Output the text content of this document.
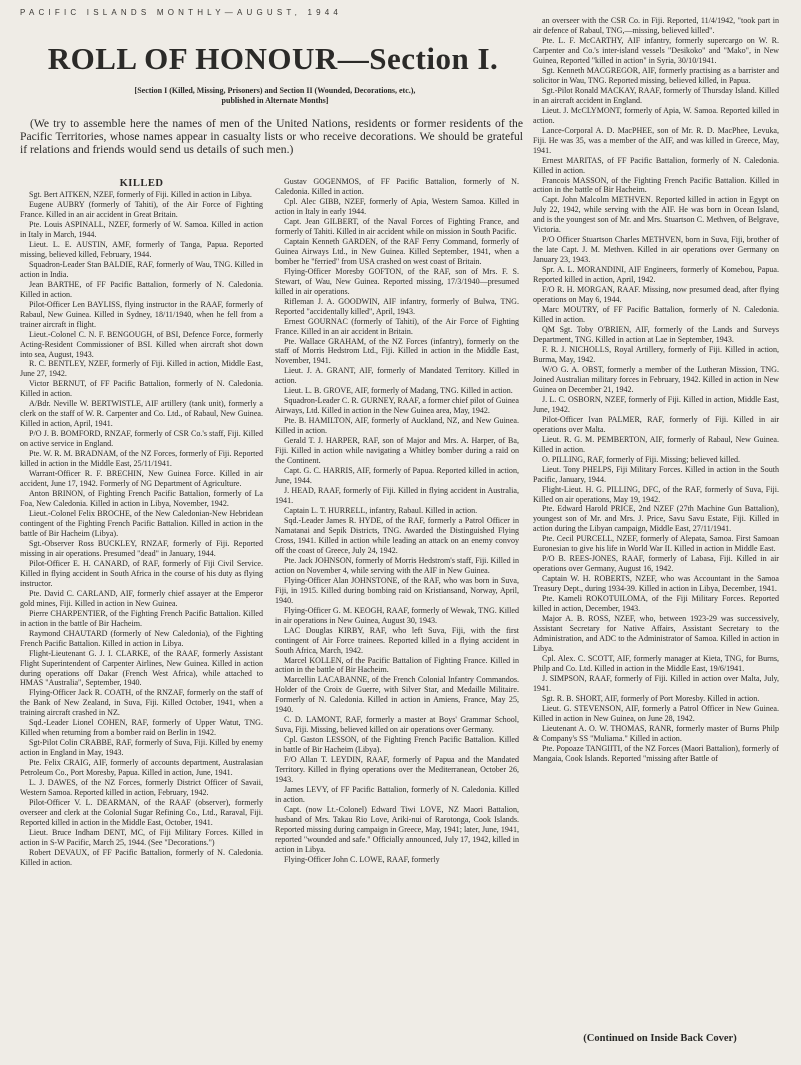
PACIFIC ISLANDS MONTHLY—AUGUST, 1944
ROLL OF HONOUR—Section I.
[Section I (Killed, Missing, Prisoners) and Section II (Wounded, Decorations, etc.),
published in Alternate Months]

(We try to assemble here the names of men of the United Nations, residents or former residents of the Pacific Territories, whose names appear in casualty lists or who receive decorations. We should be grateful if relations and friends would send us details of such men.)

KILLED

Sgt. Bert AITKEN, NZEF, formerly of Fiji. Killed in action in Libya.

Eugene AUBRY (formerly of Tahiti), of the Air Force of Fighting France. Killed in an air accident in Great Britain.

Pte. Louis ASPINALL, NZEF, formerly of W. Samoa. Killed in action in Italy in March, 1944.

Lieut. L. E. AUSTIN, AMF, formerly of Tanga, Papua. Reported missing, believed killed, February, 1944.

Squadron-Leader Stan BALDIE, RAF, formerly of Wau, TNG. Killed in action in India.

Jean BARTHE, of FF Pacific Battalion, formerly of N. Caledonia. Killed in action.

Pilot-Officer Len BAYLISS, flying instructor in the RAAF, formerly of Rabaul, New Guinea. Killed in Sydney, 18/11/1940, when he fell from a trainer aircraft in flight.

Lieut.-Colonel C. N. F. BENGOUGH, of BSI, Defence Force, formerly Acting-Resident Commissioner of BSI. Killed when aircraft shot down into sea, August, 1943.

R. C. BENTLEY, NZEF, formerly of Fiji. Killed in action, Middle East, June 27, 1942.

Victor BERNUT, of FF Pacific Battalion, formerly of N. Caledonia. Killed in action.

A/Bdr. Neville W. BERTWISTLE, AIF artillery (tank unit), formerly a clerk on the staff of W. R. Carpenter and Co. Ltd., of Rabaul, New Guinea. Killed in action, April, 1941.

P/O J. B. BOMFORD, RNZAF, formerly of CSR Co.'s staff, Fiji. Killed on active service in England.

Pte. W. R. M. BRADNAM, of the NZ Forces, formerly of Fiji. Reported killed in action in the Middle East, 25/11/1941.

Warrant-Officer R. F. BRECHIN, New Guinea Force. Killed in air accident, June 17, 1942. Formerly of NG Department of Agriculture.

Anton BRINON, of Fighting French Pacific Battalion, formerly of La Foa, New Caledonia. Killed in action in Libya, November, 1942.

Lieut.-Colonel Felix BROCHE, of the New Caledonian-New Hebridean contingent of the Fighting French Pacific Battalion. Killed in action in the battle of Bir Hacheim (Libya).

Sgt.-Observer Ross BUCKLEY, RNZAF, formerly of Fiji. Reported missing in air operations. Presumed "dead" in January, 1944.

Pilot-Officer E. H. CANARD, of RAF, formerly of Fiji Civil Service. Killed in flying accident in South Africa in the course of his duty as flying instructor.

Pte. David C. CARLAND, AIF, formerly chief assayer at the Emperor gold mines, Fiji. Killed in action in New Guinea.

Pierre CHARPENTIER, of the Fighting French Pacific Battalion. Killed in action in the battle of Bir Hacheim.

Raymond CHAUTARD (formerly of New Caledonia), of the Fighting French Pacific Battalion. Killed in action in Libya.

Flight-Lieutenant G. J. I. CLARKE, of the RAAF, formerly Assistant Flight Superintendent of Carpenter Airlines, New Guinea. Killed in action during operations off Dakar (French West Africa), while attached to HMAS "Australia", September, 1940.

Flying-Officer Jack R. COATH, of the RNZAF, formerly on the staff of the Bank of New Zealand, in Suva, Fiji. Killed October, 1941, when a training aircraft crashed in NZ.

Sqd.-Leader Lionel COHEN, RAF, formerly of Upper Watut, TNG. Killed when returning from a bomber raid on Berlin in 1942.

Sgt-Pilot Colin CRABBE, RAF, formerly of Suva, Fiji. Killed by enemy action in England in May, 1943.

Pte. Felix CRAIG, AIF, formerly of accounts department, Australasian Petroleum Co., Port Moresby, Papua. Killed in action, June, 1941.

L. J. DAWES, of the NZ Forces, formerly District Officer of Savaii, Western Samoa. Reported killed in action, February, 1942.

Pilot-Officer V. L. DEARMAN, of the RAAF (observer), formerly overseer and clerk at the Colonial Sugar Refining Co., Ltd., Raraval, Fiji. Reported killed in action in the Middle East, October, 1941.

Lieut. Bruce Indham DENT, MC, of Fiji Military Forces. Killed in action in S-W Pacific, March 25, 1944. (See "Decorations.")

Robert DEVAUX, of FF Pacific Battalion, formerly of N. Caledonia. Killed in action.

Gustav GOGENMOS, of FF Pacific Battalion, formerly of N. Caledonia. Killed in action.

Cpl. Alec GIBB, NZEF, formerly of Apia, Western Samoa. Killed in action in Italy in early 1944.

Capt. Jean GILBERT, of the Naval Forces of Fighting France, and formerly of Tahiti. Killed in air accident while on mission in South Pacific.

Captain Kenneth GARDEN, of the RAF Ferry Command, formerly of Guinea Airways Ltd., in New Guinea. Killed September, 1941, when a bomber he "ferried" from USA crashed on west coast of Britain.

Flying-Officer Moresby GOFTON, of the RAF, son of Mrs. F. S. Stewart, of Wau, New Guinea. Reported missing, 17/3/1940—presumed killed in air operations.

Rifleman J. A. GOODWIN, AIF infantry, formerly of Bulwa, TNG. Reported "accidentally killed", April, 1943.

Ernest GOURNAC (formerly of Tahiti), of the Air Force of Fighting France. Killed in an air accident in Britain.

Pte. Wallace GRAHAM, of the NZ Forces (infantry), formerly on the staff of Morris Hedstrom Ltd., Fiji. Killed in action in the Middle East, November, 1941.

Lieut. J. A. GRANT, AIF, formerly of Mandated Territory. Killed in action.

Lieut. L. B. GROVE, AIF, formerly of Madang, TNG. Killed in action.

Squadron-Leader C. R. GURNEY, RAAF, a former chief pilot of Guinea Airways, Ltd. Killed in action in the New Guinea area, May, 1942.

Pte. B. HAMILTON, AIF, formerly of Auckland, NZ, and New Guinea. Killed in action.

Gerald T. J. HARPER, RAF, son of Major and Mrs. A. Harper, of Ba, Fiji. Killed in action while navigating a Whitley bomber during a raid on the Continent.

Capt. G. C. HARRIS, AIF, formerly of Papua. Reported killed in action, June, 1944.

J. HEAD, RAAF, formerly of Fiji. Killed in flying accident in Australia, 1941.

Captain L. T. HURRELL, infantry, Rabaul. Killed in action.

Sqd.-Leader James R. HYDE, of the RAF, formerly a Patrol Officer in Namatanai and Sepik Districts, TNG. Awarded the Distinguished Flying Cross, 1941. Killed in action while leading an attack on an enemy convoy off the coast of Greece, July 24, 1942.

Pte. Jack JOHNSON, formerly of Morris Hedstrom's staff, Fiji. Killed in action on November 4, while serving with the AIF in New Guinea.

Flying-Officer Alan JOHNSTONE, of the RAF, who was born in Suva, Fiji, in 1915. Killed during bombing raid on Kristiansand, Norway, April, 1940.

Flying-Officer G. M. KEOGH, RAAF, formerly of Wewak, TNG. Killed in air operations in New Guinea, August 30, 1943.

LAC Douglas KIRBY, RAF, who left Suva, Fiji, with the first contingent of Air Force trainees. Reported killed in a flying accident in South Africa, March, 1942.

Marcel KOLLEN, of the Pacific Battalion of Fighting France. Killed in action in the battle of Bir Hacheim.

Marcellin LACABANNE, of the French Colonial Infantry Commandos. Holder of the Croix de Guerre, with Silver Star, and Medaille Militaire. Formerly of N. Caledonia. Killed in action in Amiens, France, May 25, 1940.

C. D. LAMONT, RAF, formerly a master at Boys' Grammar School, Suva, Fiji. Missing, believed killed on air operations over Germany.

Cpl. Gaston LESSON, of the Fighting French Pacific Battalion. Killed in battle of Bir Hacheim (Libya).

F/O Allan T. LEYDIN, RAAF, formerly of Papua and the Mandated Territory. Killed in flying operations over the Mediterranean, October 26, 1943.

James LEVY, of FF Pacific Battalion, formerly of N. Caledonia. Killed in action.

Capt. (now Lt.-Colonel) Edward Tiwi LOVE, NZ Maori Battalion, husband of Mrs. Takau Rio Love, Ariki-nui of Rarotonga, Cook Islands. Reported missing during campaign in Greece, May, 1941; later, June, 1941, reported "wounded and safe." Officially announced, July 17, 1942, killed in action in Libya.

Flying-Officer John C. LOWE, RAAF, formerly

an overseer with the CSR Co. in Fiji. Reported, 11/4/1942, "took part in air defence of Rabaul, TNG,—missing, believed killed".

Pte. L. F. McCARTHY, AIF infantry, formerly supercargo on W. R. Carpenter and Co.'s inter-island vessels "Desikoko" and "Mako", in New Guinea, Reported "killed in action" in Syria, 30/10/1941.

Sgt. Kenneth MACGREGOR, AIF, formerly practising as a barrister and solicitor in Wau, TNG. Reported missing, believed killed, in Papua.

Sgt.-Pilot Ronald MACKAY, RAAF, formerly of Thursday Island. Killed in an aircraft accident in England.

Lieut. J. McCLYMONT, formerly of Apia, W. Samoa. Reported killed in action.

Lance-Corporal A. D. MacPHEE, son of Mr. R. D. MacPhee, Levuka, Fiji. He was 35, was a member of the AIF, and was killed in Greece, May, 1941.

Ernest MARITAS, of FF Pacific Battalion, formerly of N. Caledonia. Killed in action.

Francois MASSON, of the Fighting French Pacific Battalion. Killed in action in the battle of Bir Hacheim.

Capt. John Malcolm METHVEN. Reported killed in action in Egypt on July 22, 1942, while serving with the AIF. He was born in Ocean Island, and is the youngest son of Mr. and Mrs. Stuartson C. Methven, of Belgrave, Victoria.

P/O Officer Stuartson Charles METHVEN, born in Suva, Fiji, brother of the late Capt. J. M. Methven. Killed in air operations over Germany on January 23, 1943.

Spr. A. L. MORANDINI, AIF Engineers, formerly of Komebou, Papua. Reported killed in action, April, 1942.

F/O R. H. MORGAN, RAAF. Missing, now presumed dead, after flying operations on May 6, 1944.

Marc MOUTRY, of FF Pacific Battalion, formerly of N. Caledonia. Killed in action.

QM Sgt. Toby O'BRIEN, AIF, formerly of the Lands and Surveys Department, TNG. Killed in action at Lae in September, 1943.

F. R. J. NICHOLLS, Royal Artillery, formerly of Fiji. Killed in action, Burma, May, 1942.

W/O G. A. OBST, formerly a member of the Lutheran Mission, TNG. Joined Australian military forces in February, 1942. Killed in action in New Guinea on December 21, 1942.

J. L. C. OSBORN, NZEF, formerly of Fiji. Killed in action, Middle East, June, 1942.

Pilot-Officer Ivan PALMER, RAF, formerly of Fiji. Killed in air operations over Malta.

Lieut. R. G. M. PEMBERTON, AIF, formerly of Rabaul, New Guinea. Killed in action.

O. PILLING, RAF, formerly of Fiji. Missing; believed killed.

Lieut. Tony PHELPS, Fiji Military Forces. Killed in action in the South Pacific, January, 1944.

Flight-Lieut. H. G. PILLING, DFC, of the RAF, formerly of Suva, Fiji. Killed on air operations, May 19, 1942.

Pte. Edward Harold PRICE, 2nd NZEF (27th Machine Gun Battalion), youngest son of Mr. and Mrs. J. Price, Savu Savu Estate, Fiji. Killed in action during the Libyan campaign, Middle East, 27/11/1941.

Pte. Cecil PURCELL, NZEF, formerly of Alepata, Samoa. First Samoan Euronesian to give his life in World War II. Killed in action in Middle East.

P/O B. REES-JONES, RAAF, formerly of Labasa, Fiji. Killed in air operations over Germany, August 16, 1942.

Captain W. H. ROBERTS, NZEF, who was Accountant in the Samoa Treasury Dept., during 1934-39. Killed in action in Libya, December, 1941.

Pte. Kameli ROKOTUILOMA, of the Fiji Military Forces. Reported killed in action, December, 1943.

Major A. B. ROSS, NZEF, who, between 1923-29 was successively, Assistant Secretary for Native Affairs, Assistant Secretary to the Administration, and ADC to the Administrator of Samoa. Killed in action in Libya.

Cpl. Alex. C. SCOTT, AIF, formerly manager at Kieta, TNG, for Burns, Philp and Co. Ltd. Killed in action in the Middle East, 19/6/1941.

J. SIMPSON, RAAF, formerly of Fiji. Killed in action over Malta, July, 1941.

Sgt. R. B. SHORT, AIF, formerly of Port Moresby. Killed in action.

Lieut. G. STEVENSON, AIF, formerly a Patrol Officer in New Guinea. Killed in action in New Guinea, on June 28, 1942.

Lieutenant A. O. W. THOMAS, RANR, formerly master of Burns Philp & Company's SS "Muliama." Killed in action.

Pte. Popoaze TANGIITI, of the NZ Forces (Maori Battalion), formerly of Mangaia, Cook Islands. Reported "missing after Battle of

(Continued on Inside Back Cover)
